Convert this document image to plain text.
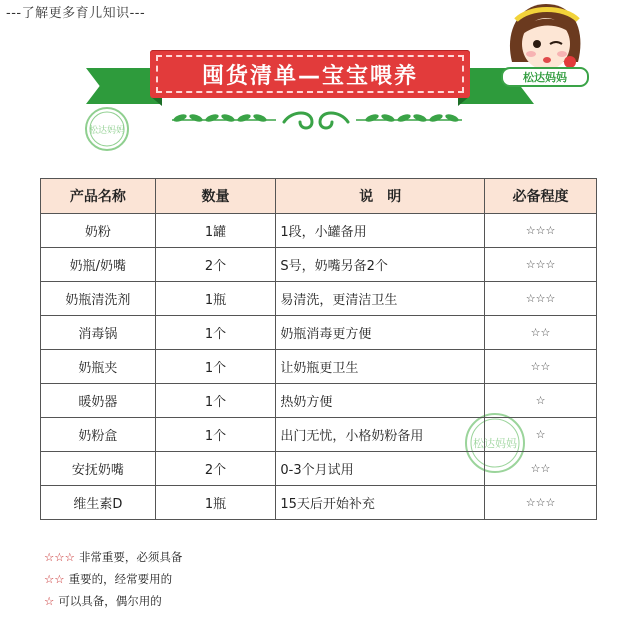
---了解更多育儿知识---
囤货清单—宝宝喂养	松达妈妈
松达妈妈
松达妈妈
产品名称	数量	说　明	必备程度
奶粉	1罐	1段，小罐备用	☆☆☆
奶瓶/奶嘴	2个	S号，奶嘴另备2个	☆☆☆
奶瓶清洗剂	1瓶	易清洗，更清洁卫生	☆☆☆
消毒锅	1个	奶瓶消毒更方便	☆☆
奶瓶夹	1个	让奶瓶更卫生	☆☆
暖奶器	1个	热奶方便	☆
奶粉盒	1个	出门无忧，小格奶粉备用	☆
安抚奶嘴	2个	0-3个月试用	☆☆
维生素D	1瓶	15天后开始补充	☆☆☆
☆☆☆ 非常重要，必须具备
☆☆ 重要的，经常要用的
☆ 可以具备，偶尔用的
